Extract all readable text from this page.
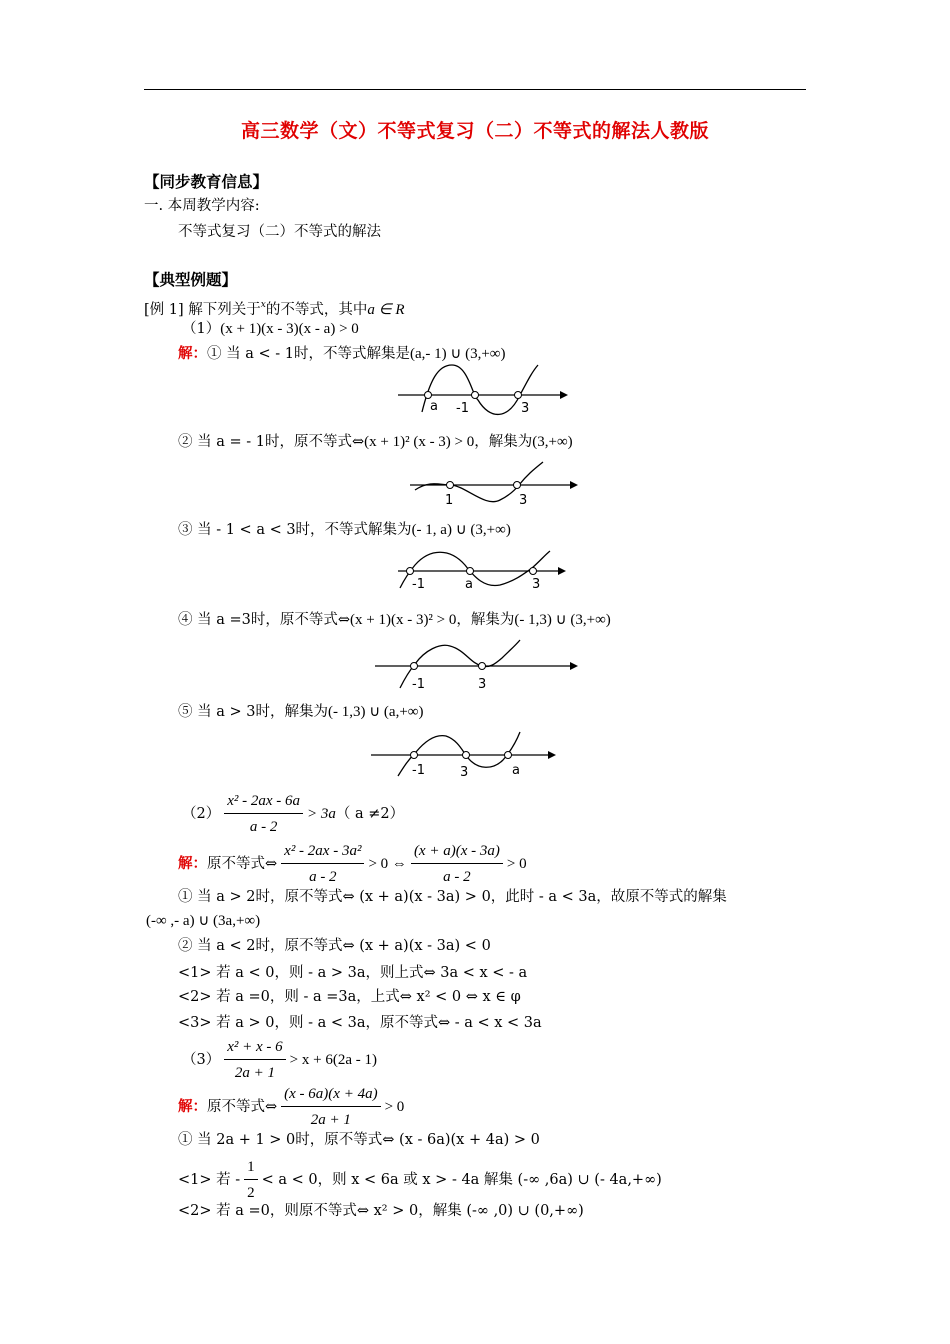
高三数学（文）不等式复习（二）不等式的解法人教版
【同步教育信息】
一. 本周教学内容:
不等式复习（二）不等式的解法
【典型例题】
[例 1] 解下列关于$^x$的不等式，其中a ∈ R
（1）(x + 1)(x - 3)(x - a) > 0
解：① 当 a < - 1时，不等式解集是(a,- 1) ∪ (3,+∞)
a -1	3
② 当 a = - 1时，原不等式⇔(x + 1)² (x - 3) > 0，解集为(3,+∞)
1	3
③ 当 - 1 < a < 3时，不等式解集为(- 1, a) ∪ (3,+∞)
-1	a	3
④ 当 a =3时，原不等式⇔(x + 1)(x - 3)² > 0，解集为(- 1,3) ∪ (3,+∞)
-1	3
⑤ 当 a > 3时，解集为(- 1,3) ∪ (a,+∞)
-1	3	a
$(2) \frac{\text{x² - 2ax - 6a}}{a - 2} > 3a$（ a ≠2）
解：原不等式⇔ $\frac{\text{x² - 2ax - 3a²}}{a - 2} > 0$ ⇔ $\frac{(x + a)(x - 3a)}{a - 2} > 0$
① 当 a > 2时，原不等式⇔ (x + a)(x - 3a) > 0，此时 - a < 3a，故原不等式的解集
(-∞ ,- a) ∪ (3a,+∞)
② 当 a < 2时，原不等式⇔ (x + a)(x - 3a) < 0
<1> 若 a < 0，则 - a > 3a，则上式⇔ 3a < x < - a
<2> 若 a =0，则 - a =3a，上式⇔ x² < 0 ⇔ x ∈ φ
<3> 若 a > 0，则 - a < 3a，原不等式⇔ - a < x < 3a
$(3) \frac{\text{x² + x - 6}}{2a + 1} > x + 6(2a - 1)$
解：原不等式⇔ $\frac{(x - 6a)(x + 4a)}{2a + 1} > 0$
① 当 2a + 1 > 0时，原不等式⇔ (x - 6a)(x + 4a) > 0
<1> 若 - $\frac{1}{2} < a < 0$，则 x < 6a 或 x > - 4a 解集 (-∞ ,6a) ∪ (- 4a,+∞)
<2> 若 a =0，则原不等式⇔ x² > 0，解集 (-∞ ,0) ∪ (0,+∞)
